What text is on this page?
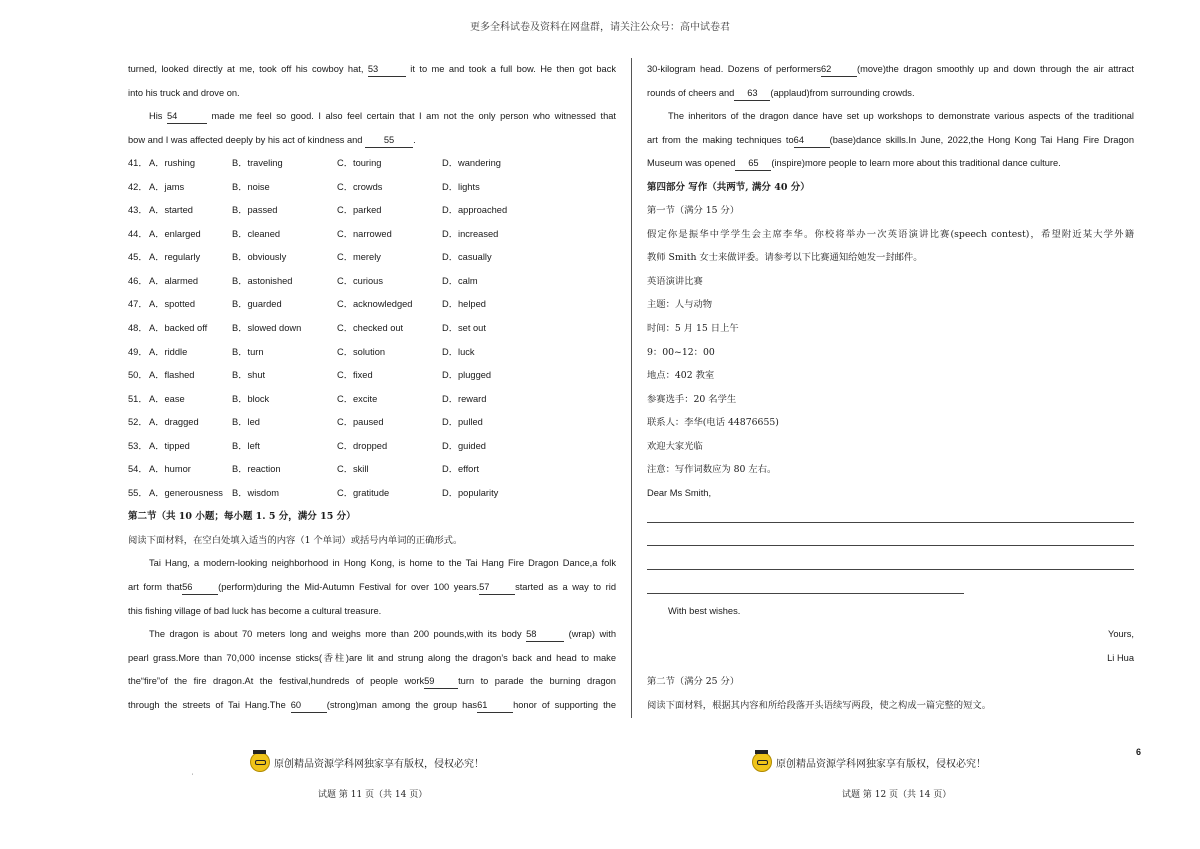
更多全科试卷及资料在网盘群，请关注公众号：高中试卷君
turned, looked directly at me, took off his cowboy hat, 53	it to me and took a full bow. He then got back
into his truck and drove on.
His 54	made me feel so good. I also feel certain that I am not the only person who witnessed that
bow and I was affected deeply by his act of kindness and 55 .
41． A．rushing	B．traveling	C．touring	D．wandering
42． A．jams	B．noise	C．crowds	D．lights
43． A．started	B．passed	C．parked	D．approached
44． A．enlarged	B．cleaned	C．narrowed	D．increased
45． A．regularly	B．obviously	C．merely	D．casually
46． A．alarmed	B．astonished	C．curious	D．calm
47． A．spotted	B．guarded	C．acknowledged	D．helped
48． A．backed off	B．slowed down	C．checked out	D．set out
49． A．riddle	B．turn	C．solution	D．luck
50． A．flashed	B．shut	C．fixed	D．plugged
51． A．ease	B．block	C．excite	D．reward
52． A．dragged	B．led	C．paused	D．pulled
53． A．tipped	B．left	C．dropped	D．guided
54． A．humor	B．reaction	C．skill	D．effort
55． A．generousness B．wisdom	C．gratitude	D．popularity
第二节（共 10 小题；每小题 1. 5 分，满分 15 分）
阅读下面材料，在空白处填入适当的内容（1 个单词）或括号内单词的正确形式。
Tai Hang, a modern-looking neighborhood in Hong Kong, is home to the Tai Hang Fire Dragon Dance,a folk
art form that56	(perform)during the Mid-Autumn Festival for over 100 years.57	started as a way to rid
this fishing village of bad luck has become a cultural treasure.
The dragon is about 70 meters long and weighs more than 200 pounds,with its body 58	(wrap) with
pearl grass.More than 70,000 incense sticks(香柱)are lit and strung along the dragon’s back and head to make
the“fire”of the fire dragon.At the festival,hundreds of people work59	turn to parade the burning dragon
through the streets of Tai Hang.The 60	(strong)man among the group has61	honor of supporting the
30-kilogram head. Dozens of performers62	(move)the dragon smoothly up and down through the air attract
rounds of cheers and 63 (applaud)from surrounding crowds.
The inheritors of the dragon dance have set up workshops to demonstrate various aspects of the traditional
art from the making techniques to64	(base)dance skills.In June, 2022,the Hong Kong Tai Hang Fire Dragon
Museum was opened 65 (inspire)more people to learn more about this traditional dance culture.
第四部分 写作（共两节, 满分 40 分）
第一节（满分 15 分）
假定你是振华中学学生会主席李华。你校将举办一次英语演讲比赛(speech contest)，希望附近某大学外籍
教师 Smith 女士来做评委。请参考以下比赛通知给她发一封邮件。
英语演讲比赛
主题：人与动物
时间：5 月 15 日上午
9：00~12：00
地点：402 教室
参赛选手：20 名学生
联系人：李华(电话 44876655)
欢迎大家光临
注意：写作词数应为 80 左右。
Dear Ms Smith,
With best wishes.
Yours,
Li Hua
第二节（满分 25 分）
阅读下面材料，根据其内容和所给段落开头语续写两段，使之构成一篇完整的短文。
原创精品资源学科网独家享有版权，侵权必究！	原创精品资源学科网独家享有版权，侵权必究！
'
6
试题 第 11 页（共 14 页）	试题 第 12 页（共 14 页）
